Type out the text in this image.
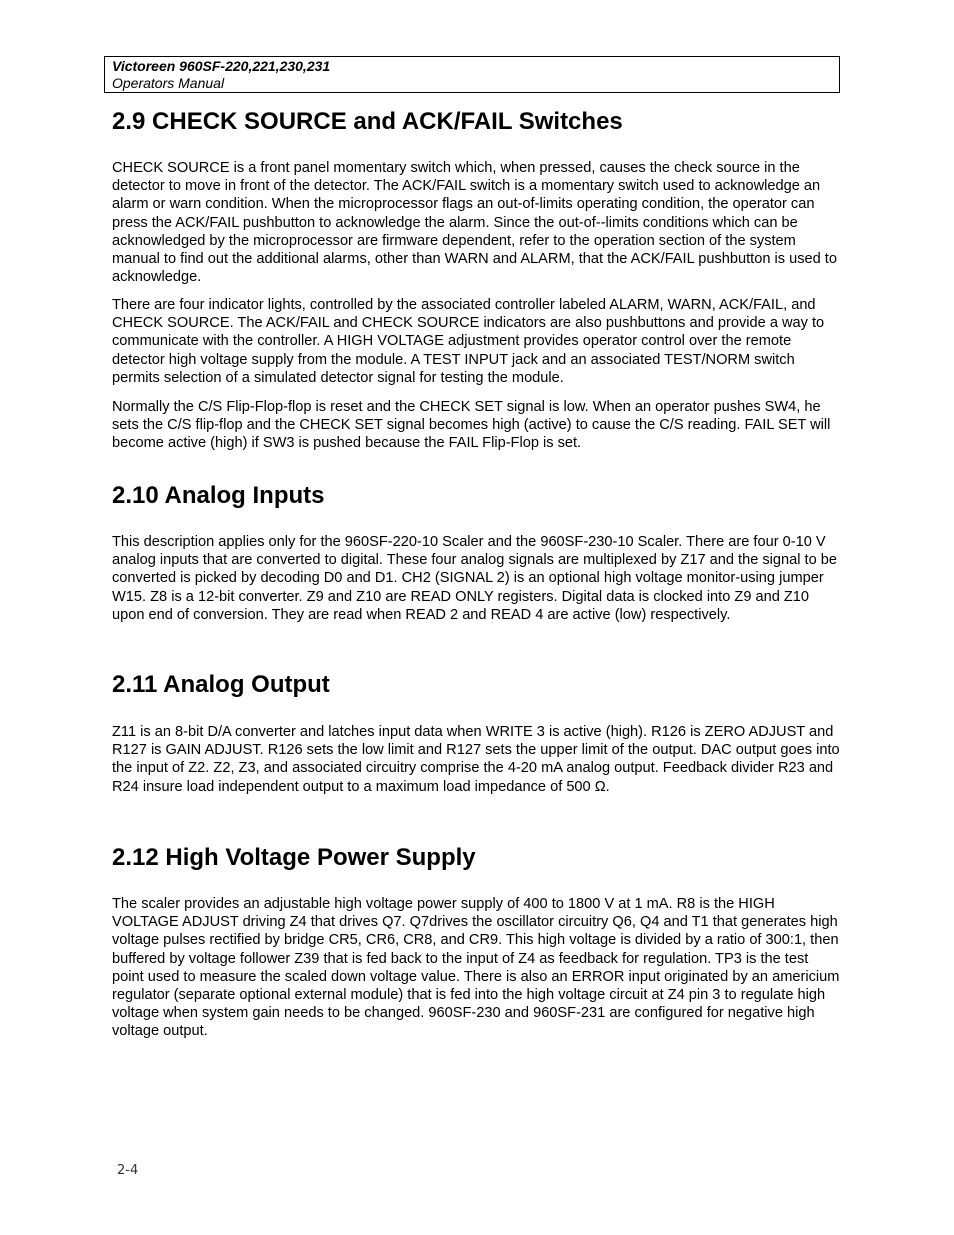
Victoreen 960SF-220,221,230,231
Operators Manual
2.9 CHECK SOURCE and ACK/FAIL Switches

CHECK SOURCE is a front panel momentary switch which, when pressed, causes the check source in the detector to move in front of the detector. The ACK/FAIL switch is a momentary switch used to acknowledge an alarm or warn condition. When the microprocessor flags an out-of-limits operating condition, the operator can press the ACK/FAIL pushbutton to acknowledge the alarm. Since the out-of--limits conditions which can be acknowledged by the microprocessor are firmware dependent, refer to the operation section of the system manual to find out the additional alarms, other than WARN and ALARM, that the ACK/FAIL pushbutton is used to acknowledge.

There are four indicator lights, controlled by the associated controller labeled ALARM, WARN, ACK/FAIL, and CHECK SOURCE. The ACK/FAIL and CHECK SOURCE indicators are also pushbuttons and provide a way to communicate with the controller. A HIGH VOLTAGE adjustment provides operator control over the remote detector high voltage supply from the module. A TEST INPUT jack and an associated TEST/NORM switch permits selection of a simulated detector signal for testing the module.

Normally the C/S Flip-Flop-flop is reset and the CHECK SET signal is low. When an operator pushes SW4, he sets the C/S flip-flop and the CHECK SET signal becomes high (active) to cause the C/S reading. FAIL SET will become active (high) if SW3 is pushed because the FAIL Flip-Flop is set.

2.10 Analog Inputs

This description applies only for the 960SF-220-10 Scaler and the 960SF-230-10 Scaler. There are four 0-10 V analog inputs that are converted to digital. These four analog signals are multiplexed by Z17 and the signal to be converted is picked by decoding D0 and D1. CH2 (SIGNAL 2) is an optional high voltage monitor-using jumper W15. Z8 is a 12-bit converter. Z9 and Z10 are READ ONLY registers. Digital data is clocked into Z9 and Z10 upon end of conversion. They are read when READ 2 and READ 4 are active (low) respectively.

2.11 Analog Output

Z11 is an 8-bit D/A converter and latches input data when WRITE 3 is active (high). R126 is ZERO ADJUST and R127 is GAIN ADJUST. R126 sets the low limit and R127 sets the upper limit of the output. DAC output goes into the input of Z2. Z2, Z3, and associated circuitry comprise the 4-20 mA analog output. Feedback divider R23 and R24 insure load independent output to a maximum load impedance of 500 Ω.

2.12 High Voltage Power Supply

The scaler provides an adjustable high voltage power supply of 400 to 1800 V at 1 mA. R8 is the HIGH VOLTAGE ADJUST driving Z4 that drives Q7. Q7drives the oscillator circuitry Q6, Q4 and T1 that generates high voltage pulses rectified by bridge CR5, CR6, CR8, and CR9. This high voltage is divided by a ratio of 300:1, then buffered by voltage follower Z39 that is fed back to the input of Z4 as feedback for regulation. TP3 is the test point used to measure the scaled down voltage value. There is also an ERROR input originated by an americium regulator (separate optional external module) that is fed into the high voltage circuit at Z4 pin 3 to regulate high voltage when system gain needs to be changed. 960SF-230 and 960SF-231 are configured for negative high voltage output.

2-4
